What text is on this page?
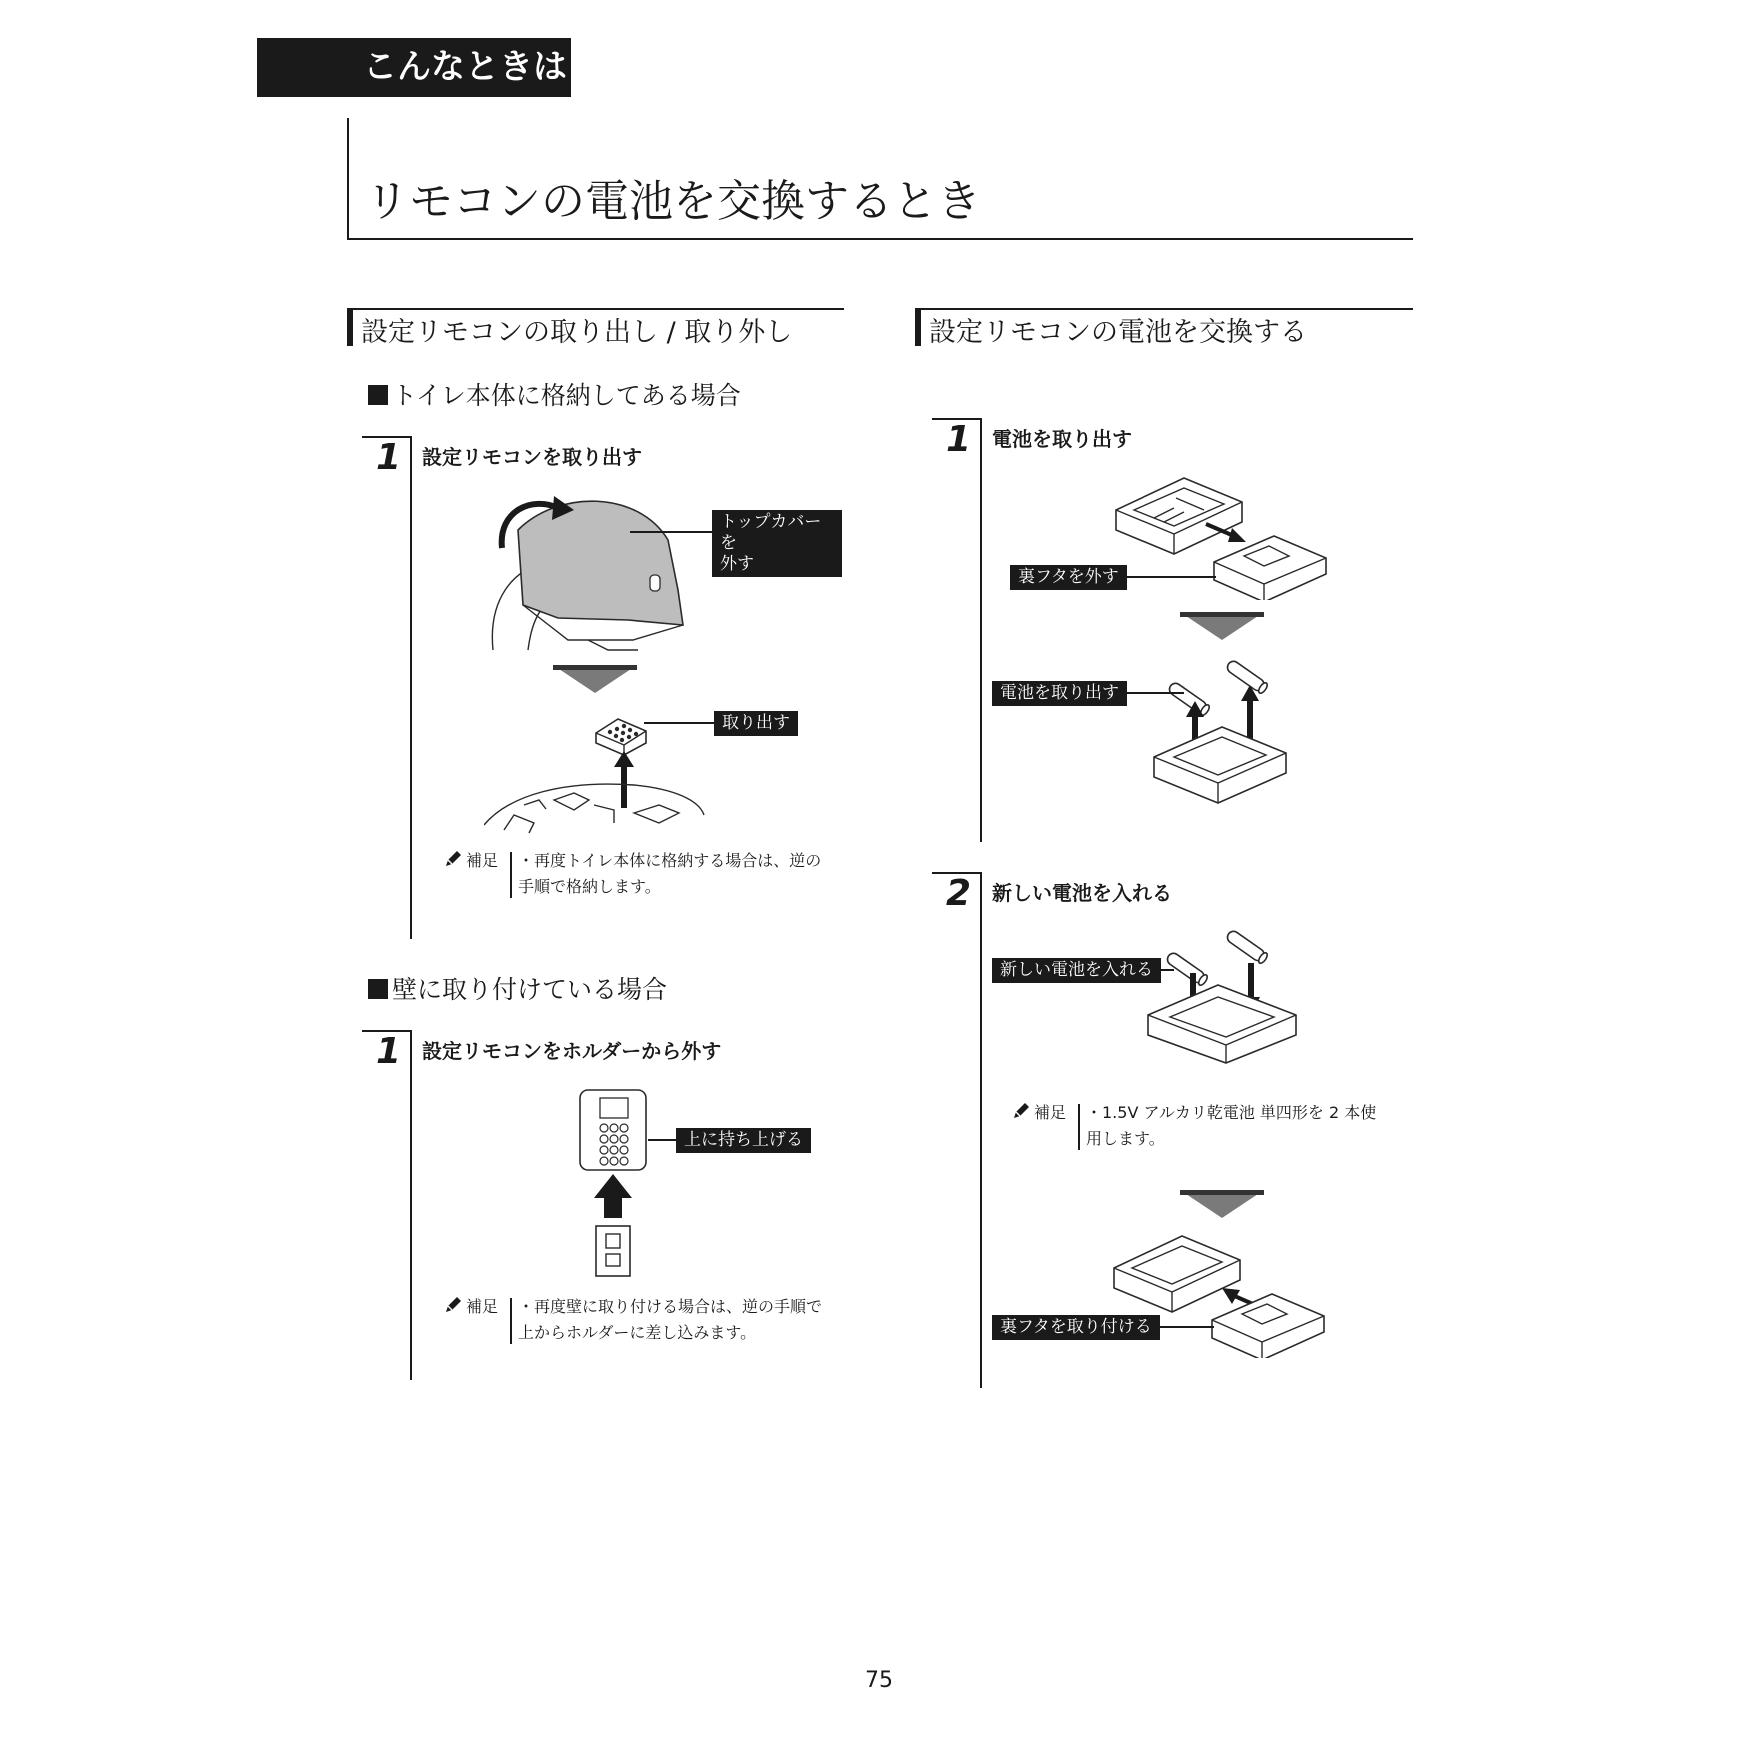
こんなときは
リモコンの電池を交換するとき
設定リモコンの取り出し / 取り外し
トイレ本体に格納してある場合
1 設定リモコンを取り出す
トップカバーを
外す
取り出す
補足 ・再度トイレ本体に格納する場合は、逆の
手順で格納します。
壁に取り付けている場合
1 設定リモコンをホルダーから外す
上に持ち上げる
補足 ・再度壁に取り付ける場合は、逆の手順で
上からホルダーに差し込みます。
設定リモコンの電池を交換する
1 電池を取り出す
裏フタを外す
電池を取り出す
2 新しい電池を入れる
新しい電池を入れる
補足 ・1.5V アルカリ乾電池 単四形を 2 本使
用します。
裏フタを取り付ける
75
